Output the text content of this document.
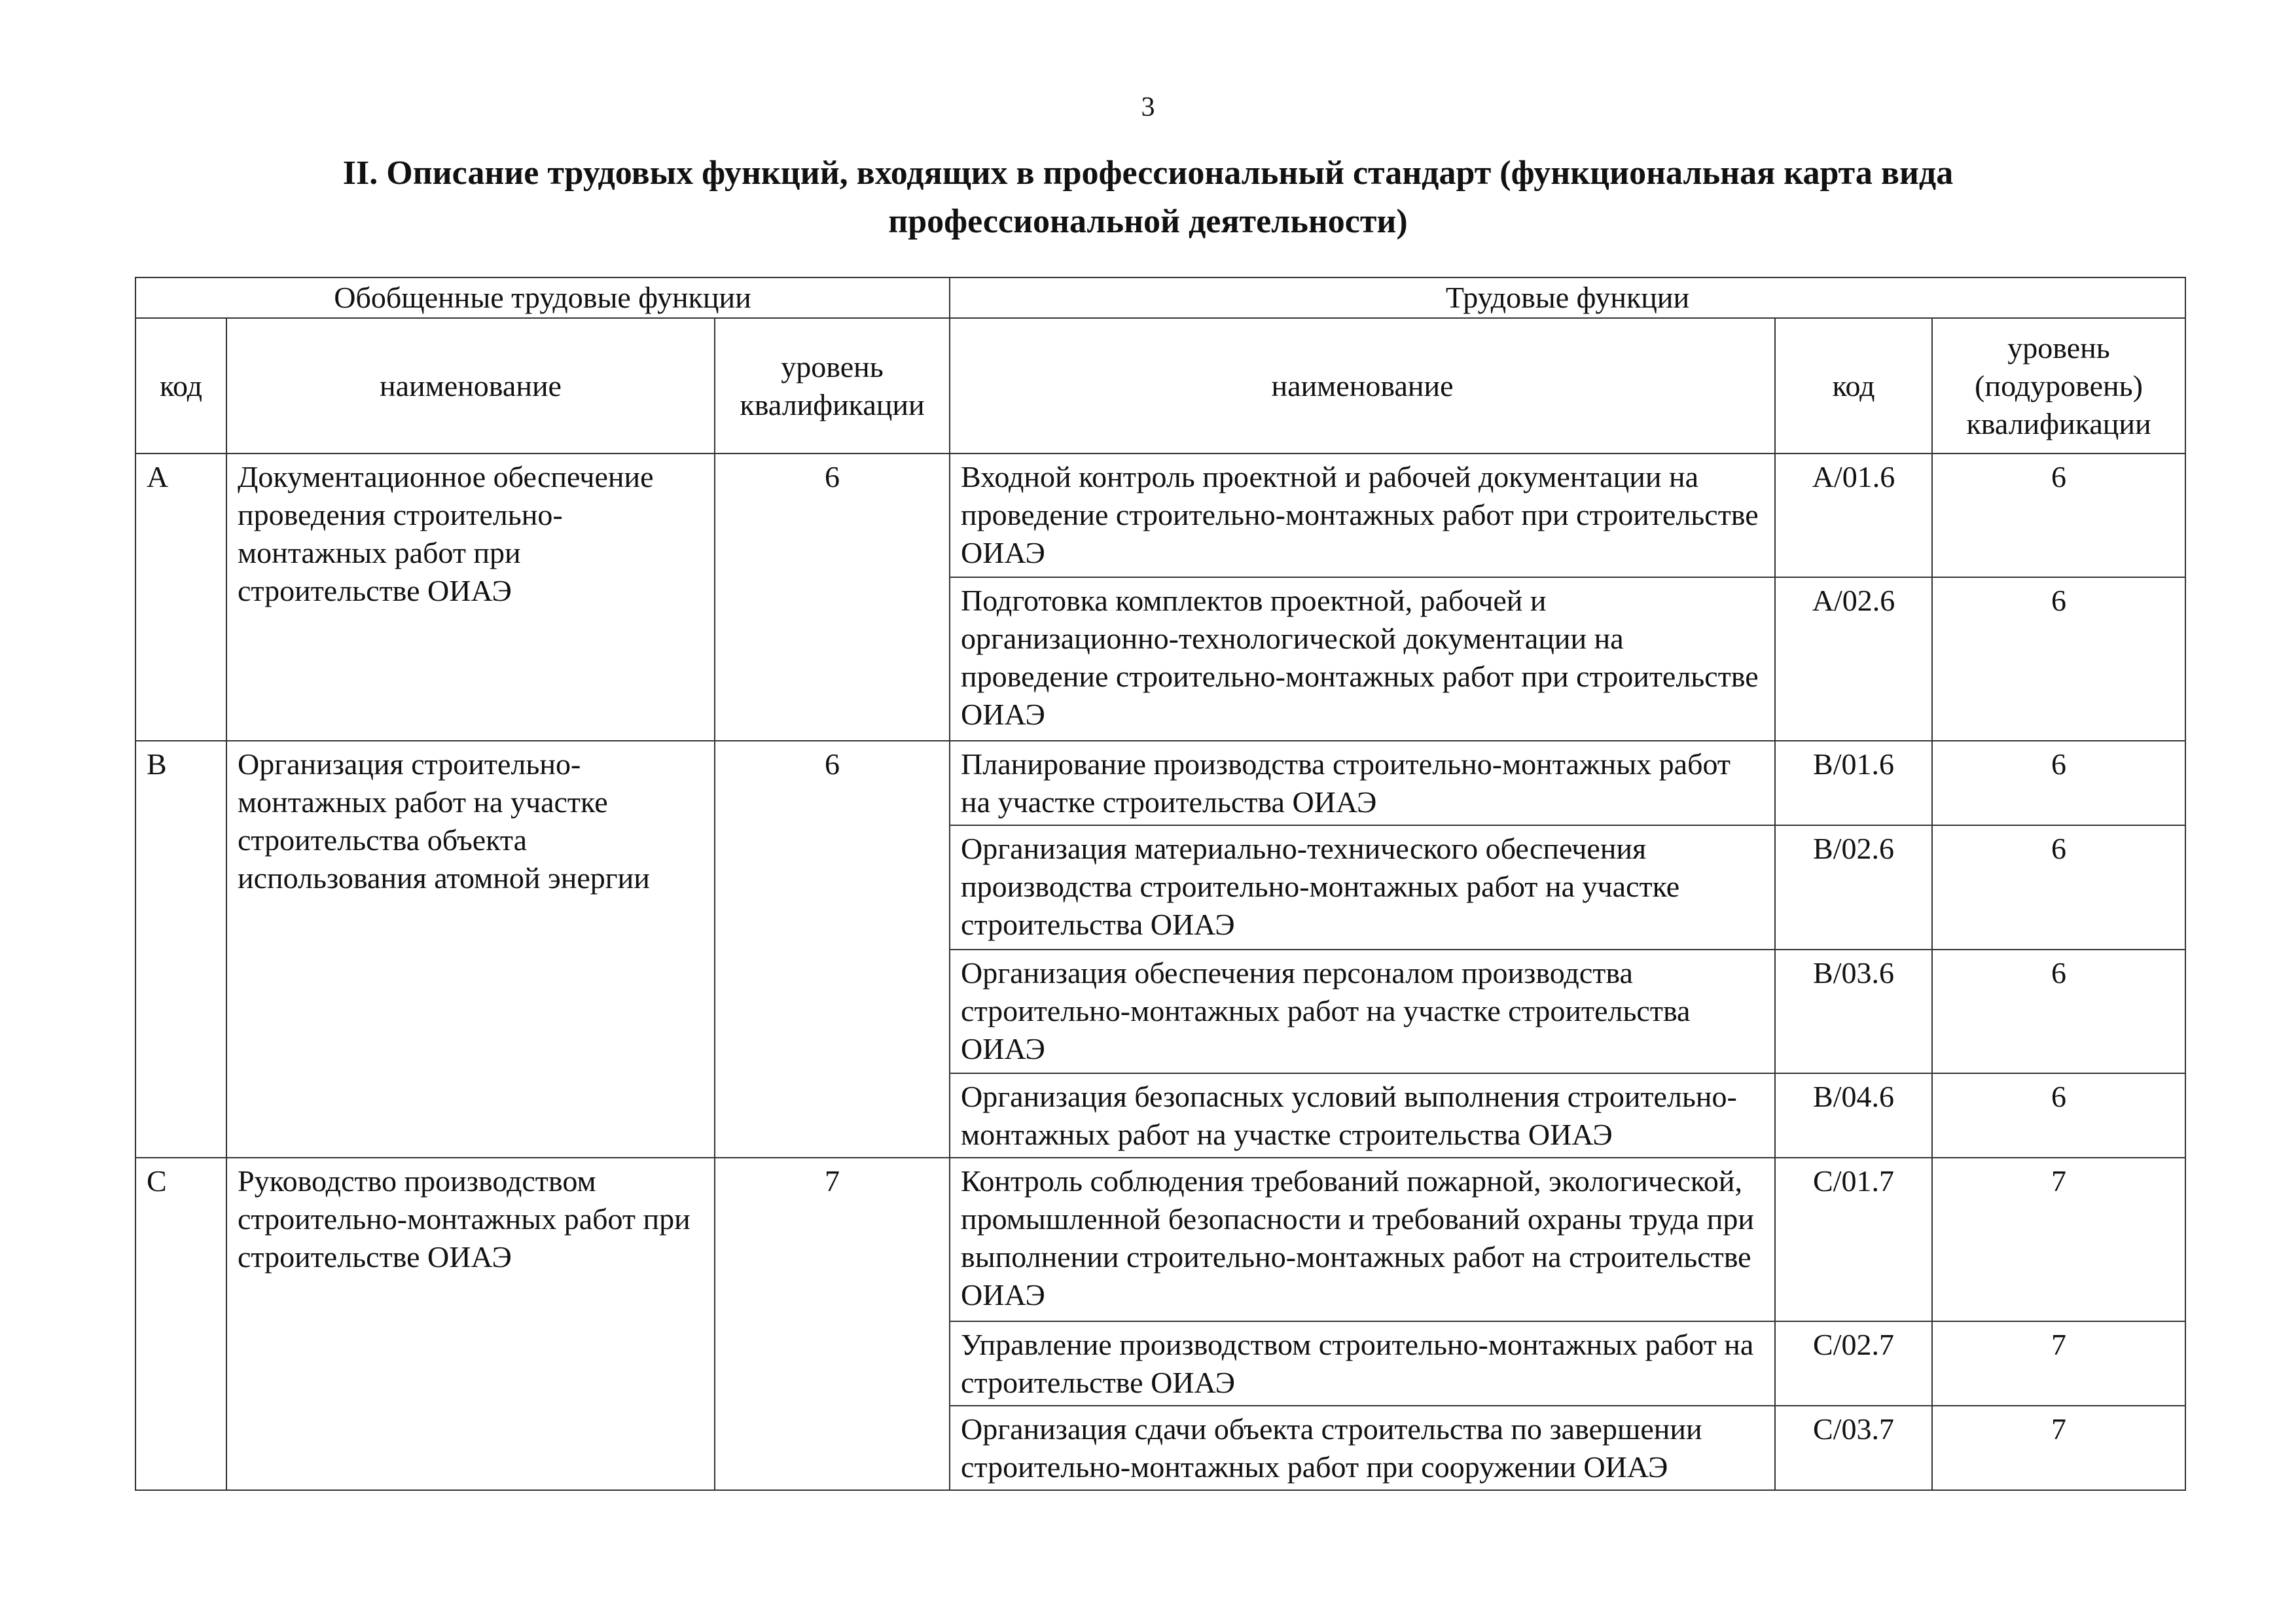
3
II. Описание трудовых функций, входящих в профессиональный стандарт (функциональная карта вида
профессиональной деятельности)
Обобщенные трудовые функции			Трудовые функции		
код	наименование	уровень квалификации	наименование	код	уровень (подуровень) квалификации
A	Документационное обеспечение проведения строительно-монтажных работ при строительстве ОИАЭ	6	Входной контроль проектной и рабочей документации на проведение строительно-монтажных работ при строительстве ОИАЭ	A/01.6	6
			Подготовка комплектов проектной, рабочей и организационно-технологической документации на проведение строительно-монтажных работ при строительстве ОИАЭ	A/02.6	6
B	Организация строительно-монтажных работ на участке строительства объекта использования атомной энергии	6	Планирование производства строительно-монтажных работ на участке строительства ОИАЭ	B/01.6	6
			Организация материально-технического обеспечения производства строительно-монтажных работ на участке строительства ОИАЭ	B/02.6	6
			Организация обеспечения персоналом производства строительно-монтажных работ на участке строительства ОИАЭ	B/03.6	6
			Организация безопасных условий выполнения строительно-монтажных работ на участке строительства ОИАЭ	B/04.6	6
C	Руководство производством строительно-монтажных работ при строительстве ОИАЭ	7	Контроль соблюдения требований пожарной, экологической, промышленной безопасности и требований охраны труда при выполнении строительно-монтажных работ на строительстве ОИАЭ	C/01.7	7
			Управление производством строительно-монтажных работ на строительстве ОИАЭ	C/02.7	7
			Организация сдачи объекта строительства по завершении строительно-монтажных работ при сооружении ОИАЭ	C/03.7	7
